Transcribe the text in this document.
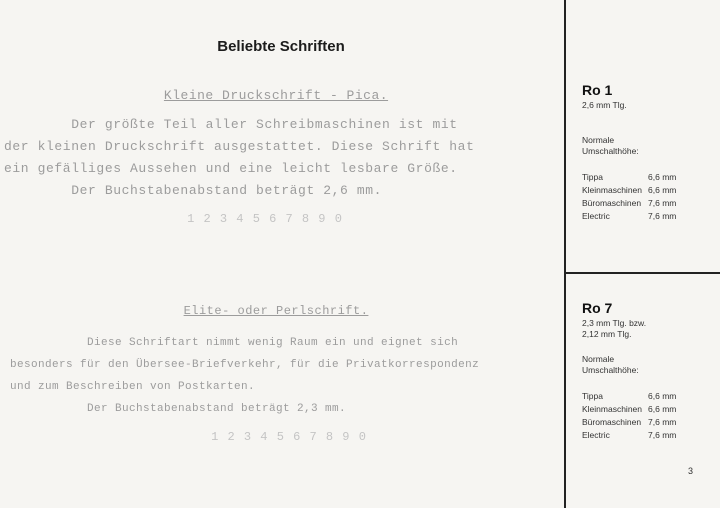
Beliebte Schriften
Kleine Druckschrift - Pica.
Der größte Teil aller Schreibmaschinen ist mit
der kleinen Druckschrift ausgestattet. Diese Schrift hat
ein gefälliges Aussehen und eine leicht lesbare Größe.
Der Buchstabenabstand beträgt 2,6 mm.
1 2 3 4 5 6 7 8 9 0
Elite- oder Perlschrift.
Diese Schriftart nimmt wenig Raum ein und eignet sich
besonders für den Übersee-Briefverkehr, für die Privatkorrespondenz
und zum Beschreiben von Postkarten.
Der Buchstabenabstand beträgt 2,3 mm.
1 2 3 4 5 6 7 8 9 0
Ro 1
2,6 mm Tlg.
Normale
Umschalthöhe:
Tippa	6,6 mm
Kleinmaschinen	6,6 mm
Büromaschinen	7,6 mm
Electric	7,6 mm
Ro 7
2,3 mm Tlg. bzw.
2,12 mm Tlg.
Normale
Umschalthöhe:
Tippa	6,6 mm
Kleinmaschinen	6,6 mm
Büromaschinen	7,6 mm
Electric	7,6 mm
3
